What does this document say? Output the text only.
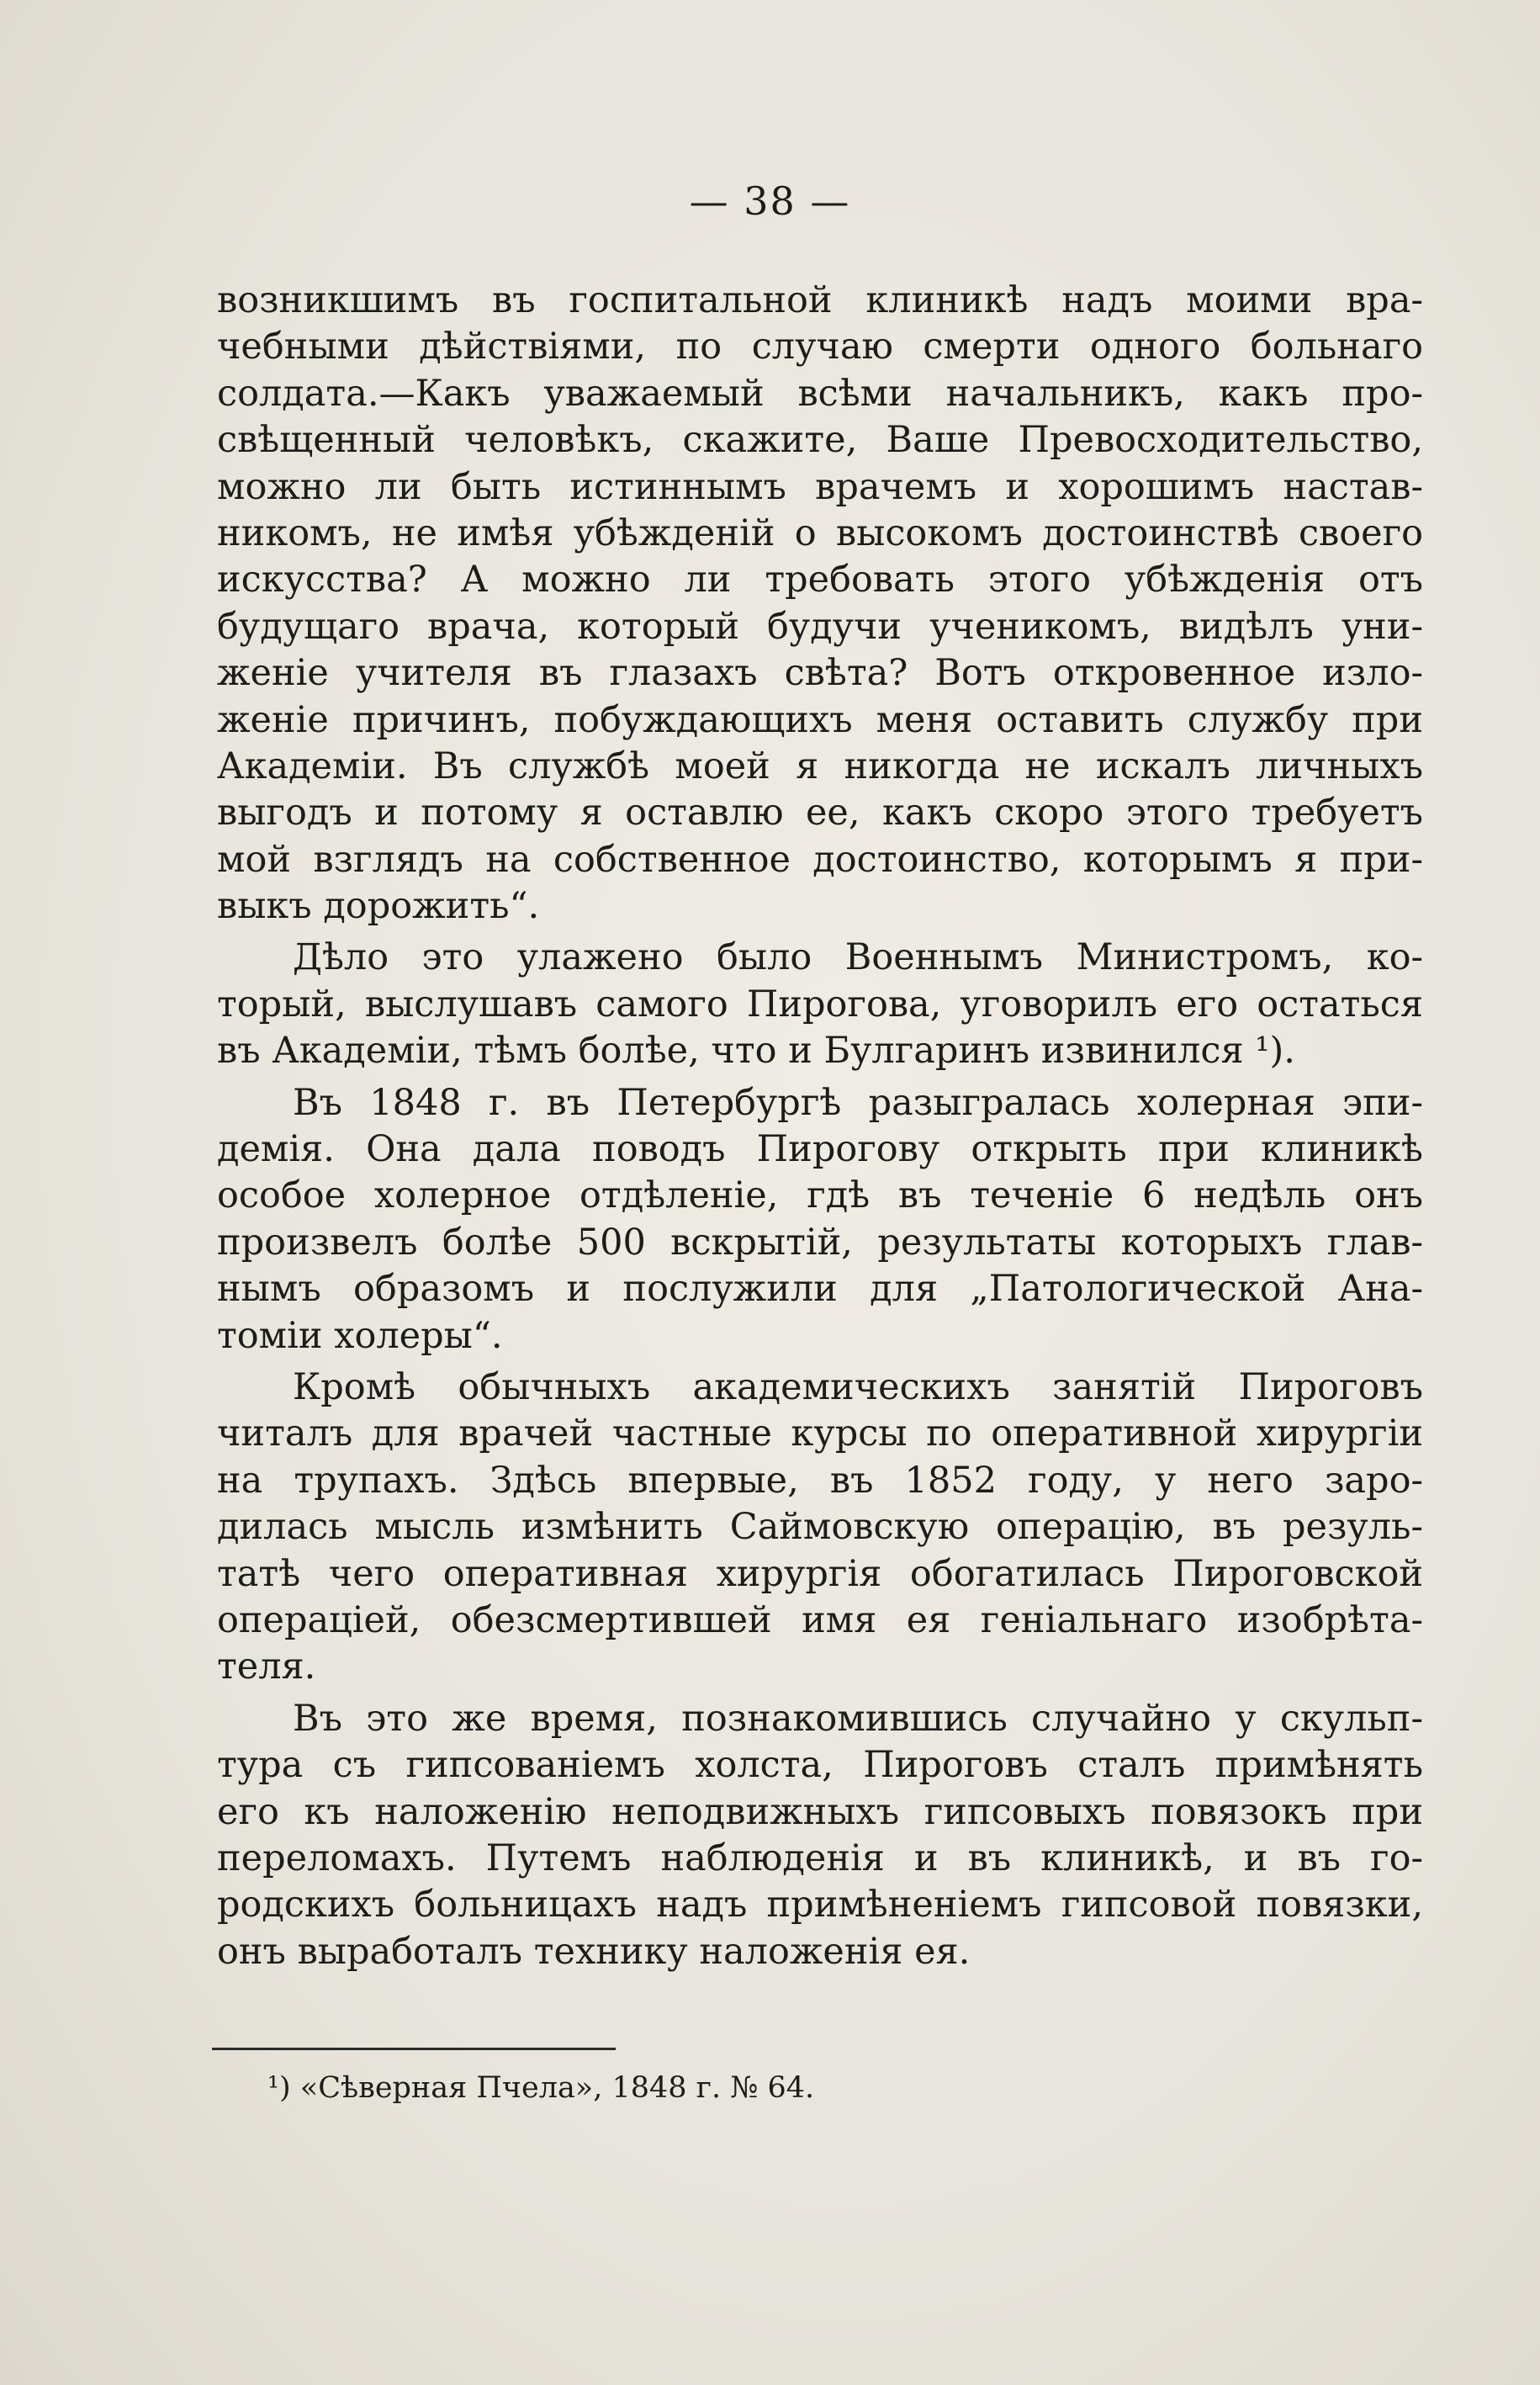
— 38 —
возникшимъ въ госпитальной клиникѣ надъ моими вра-
чебными дѣйствіями, по случаю смерти одного больнаго
солдата.—Какъ уважаемый всѣми начальникъ, какъ про-
свѣщенный человѣкъ, скажите, Ваше Превосходительство,
можно ли быть истиннымъ врачемъ и хорошимъ настав-
никомъ, не имѣя убѣжденій о высокомъ достоинствѣ своего
искусства? А можно ли требовать этого убѣжденія отъ
будущаго врача, который будучи ученикомъ, видѣлъ уни-
женіе учителя въ глазахъ свѣта? Вотъ откровенное изло-
женіе причинъ, побуждающихъ меня оставить службу при
Академіи. Въ службѣ моей я никогда не искалъ личныхъ
выгодъ и потому я оставлю ее, какъ скоро этого требуетъ
мой взглядъ на собственное достоинство, которымъ я при-
выкъ дорожить“.
Дѣло это улажено было Военнымъ Министромъ, ко-
торый, выслушавъ самого Пирогова, уговорилъ его остаться
въ Академіи, тѣмъ болѣе, что и Булгаринъ извинился ¹).
Въ 1848 г. въ Петербургѣ разыгралась холерная эпи-
демія. Она дала поводъ Пирогову открыть при клиникѣ
особое холерное отдѣленіе, гдѣ въ теченіе 6 недѣль онъ
произвелъ болѣе 500 вскрытій, результаты которыхъ глав-
нымъ образомъ и послужили для „Патологической Ана-
томіи холеры“.
Кромѣ обычныхъ академическихъ занятій Пироговъ
читалъ для врачей частные курсы по оперативной хирургіи
на трупахъ. Здѣсь впервые, въ 1852 году, у него заро-
дилась мысль измѣнить Саймовскую операцію, въ резуль-
татѣ чего оперативная хирургія обогатилась Пироговской
операціей, обезсмертившей имя ея геніальнаго изобрѣта-
теля.
Въ это же время, познакомившись случайно у скульп-
тура съ гипсованіемъ холста, Пироговъ сталъ примѣнять
его къ наложенію неподвижныхъ гипсовыхъ повязокъ при
переломахъ. Путемъ наблюденія и въ клиникѣ, и въ го-
родскихъ больницахъ надъ примѣненіемъ гипсовой повязки,
онъ выработалъ технику наложенія ея.
¹) «Сѣверная Пчела», 1848 г. № 64.
